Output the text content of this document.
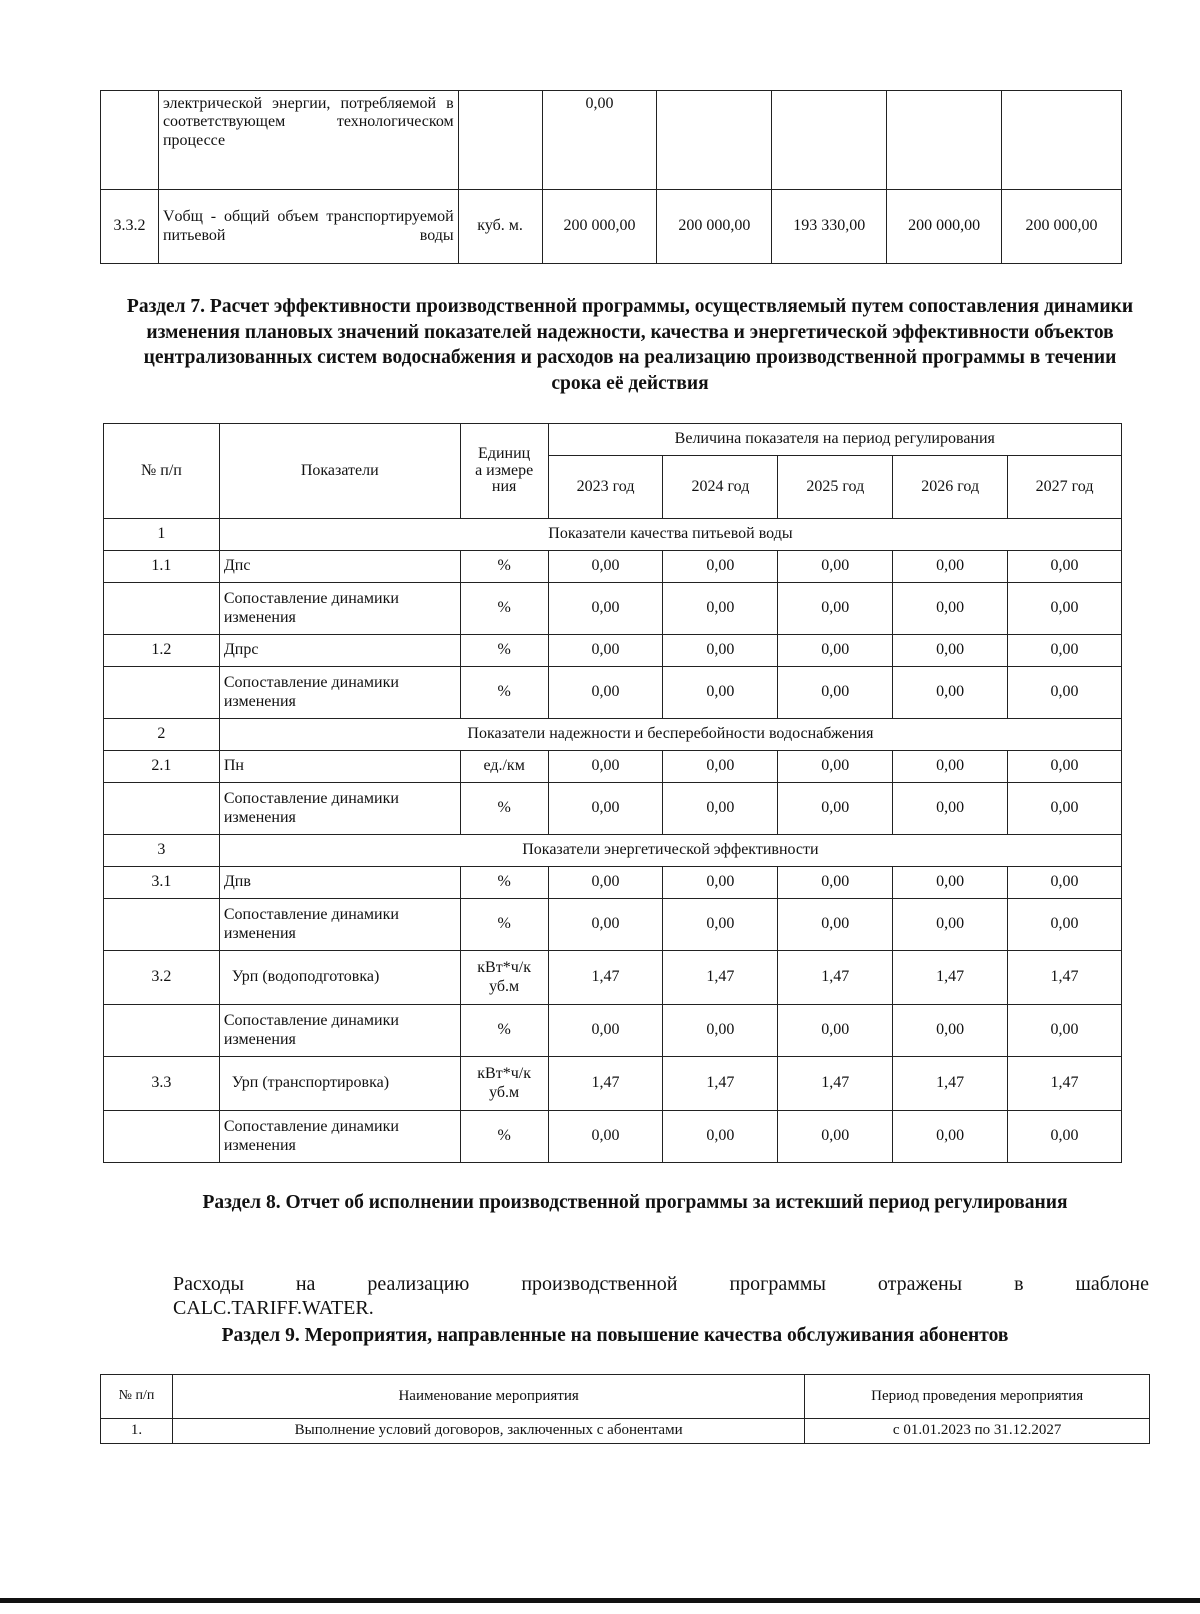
	электрической энергии, потребляемой в соответствующем технологическом процессе		0,00				
3.3.2	Vобщ - общий объем транспортируемой питьевой воды	куб. м.	200 000,00	200 000,00	193 330,00	200 000,00	200 000,00
Раздел 7. Расчет эффективности производственной программы, осуществляемый путем сопоставления динамики изменения плановых значений показателей надежности, качества и энергетической эффективности объектов централизованных систем водоснабжения и расходов на реализацию производственной программы в течении срока её действия
№ п/п	Показатели	Единица измерения	Величина показателя на период регулирования				
			2023 год	2024 год	2025 год	2026 год	2027 год
1	Показатели качества питьевой воды						
1.1	Дпс	%	0,00	0,00	0,00	0,00	0,00
	Сопоставление динамики изменения	%	0,00	0,00	0,00	0,00	0,00
1.2	Дпрс	%	0,00	0,00	0,00	0,00	0,00
	Сопоставление динамики изменения	%	0,00	0,00	0,00	0,00	0,00
2	Показатели надежности и бесперебойности водоснабжения						
2.1	Пн	ед./км	0,00	0,00	0,00	0,00	0,00
	Сопоставление динамики изменения	%	0,00	0,00	0,00	0,00	0,00
3	Показатели энергетической эффективности						
3.1	Дпв	%	0,00	0,00	0,00	0,00	0,00
	Сопоставление динамики изменения	%	0,00	0,00	0,00	0,00	0,00
3.2	Урп (водоподготовка)	кВт*ч/куб.м	1,47	1,47	1,47	1,47	1,47
	Сопоставление динамики изменения	%	0,00	0,00	0,00	0,00	0,00
3.3	Урп (транспортировка)	кВт*ч/куб.м	1,47	1,47	1,47	1,47	1,47
	Сопоставление динамики изменения	%	0,00	0,00	0,00	0,00	0,00
Раздел 8. Отчет об исполнении производственной программы за истекший период регулирования
Расходы на реализацию производственной программы отражены в шаблоне
CALC.TARIFF.WATER.
Раздел 9. Мероприятия, направленные на повышение качества обслуживания абонентов
№ п/п	Наименование мероприятия	Период проведения мероприятия
1.	Выполнение условий договоров, заключенных с абонентами	с 01.01.2023 по 31.12.2027
